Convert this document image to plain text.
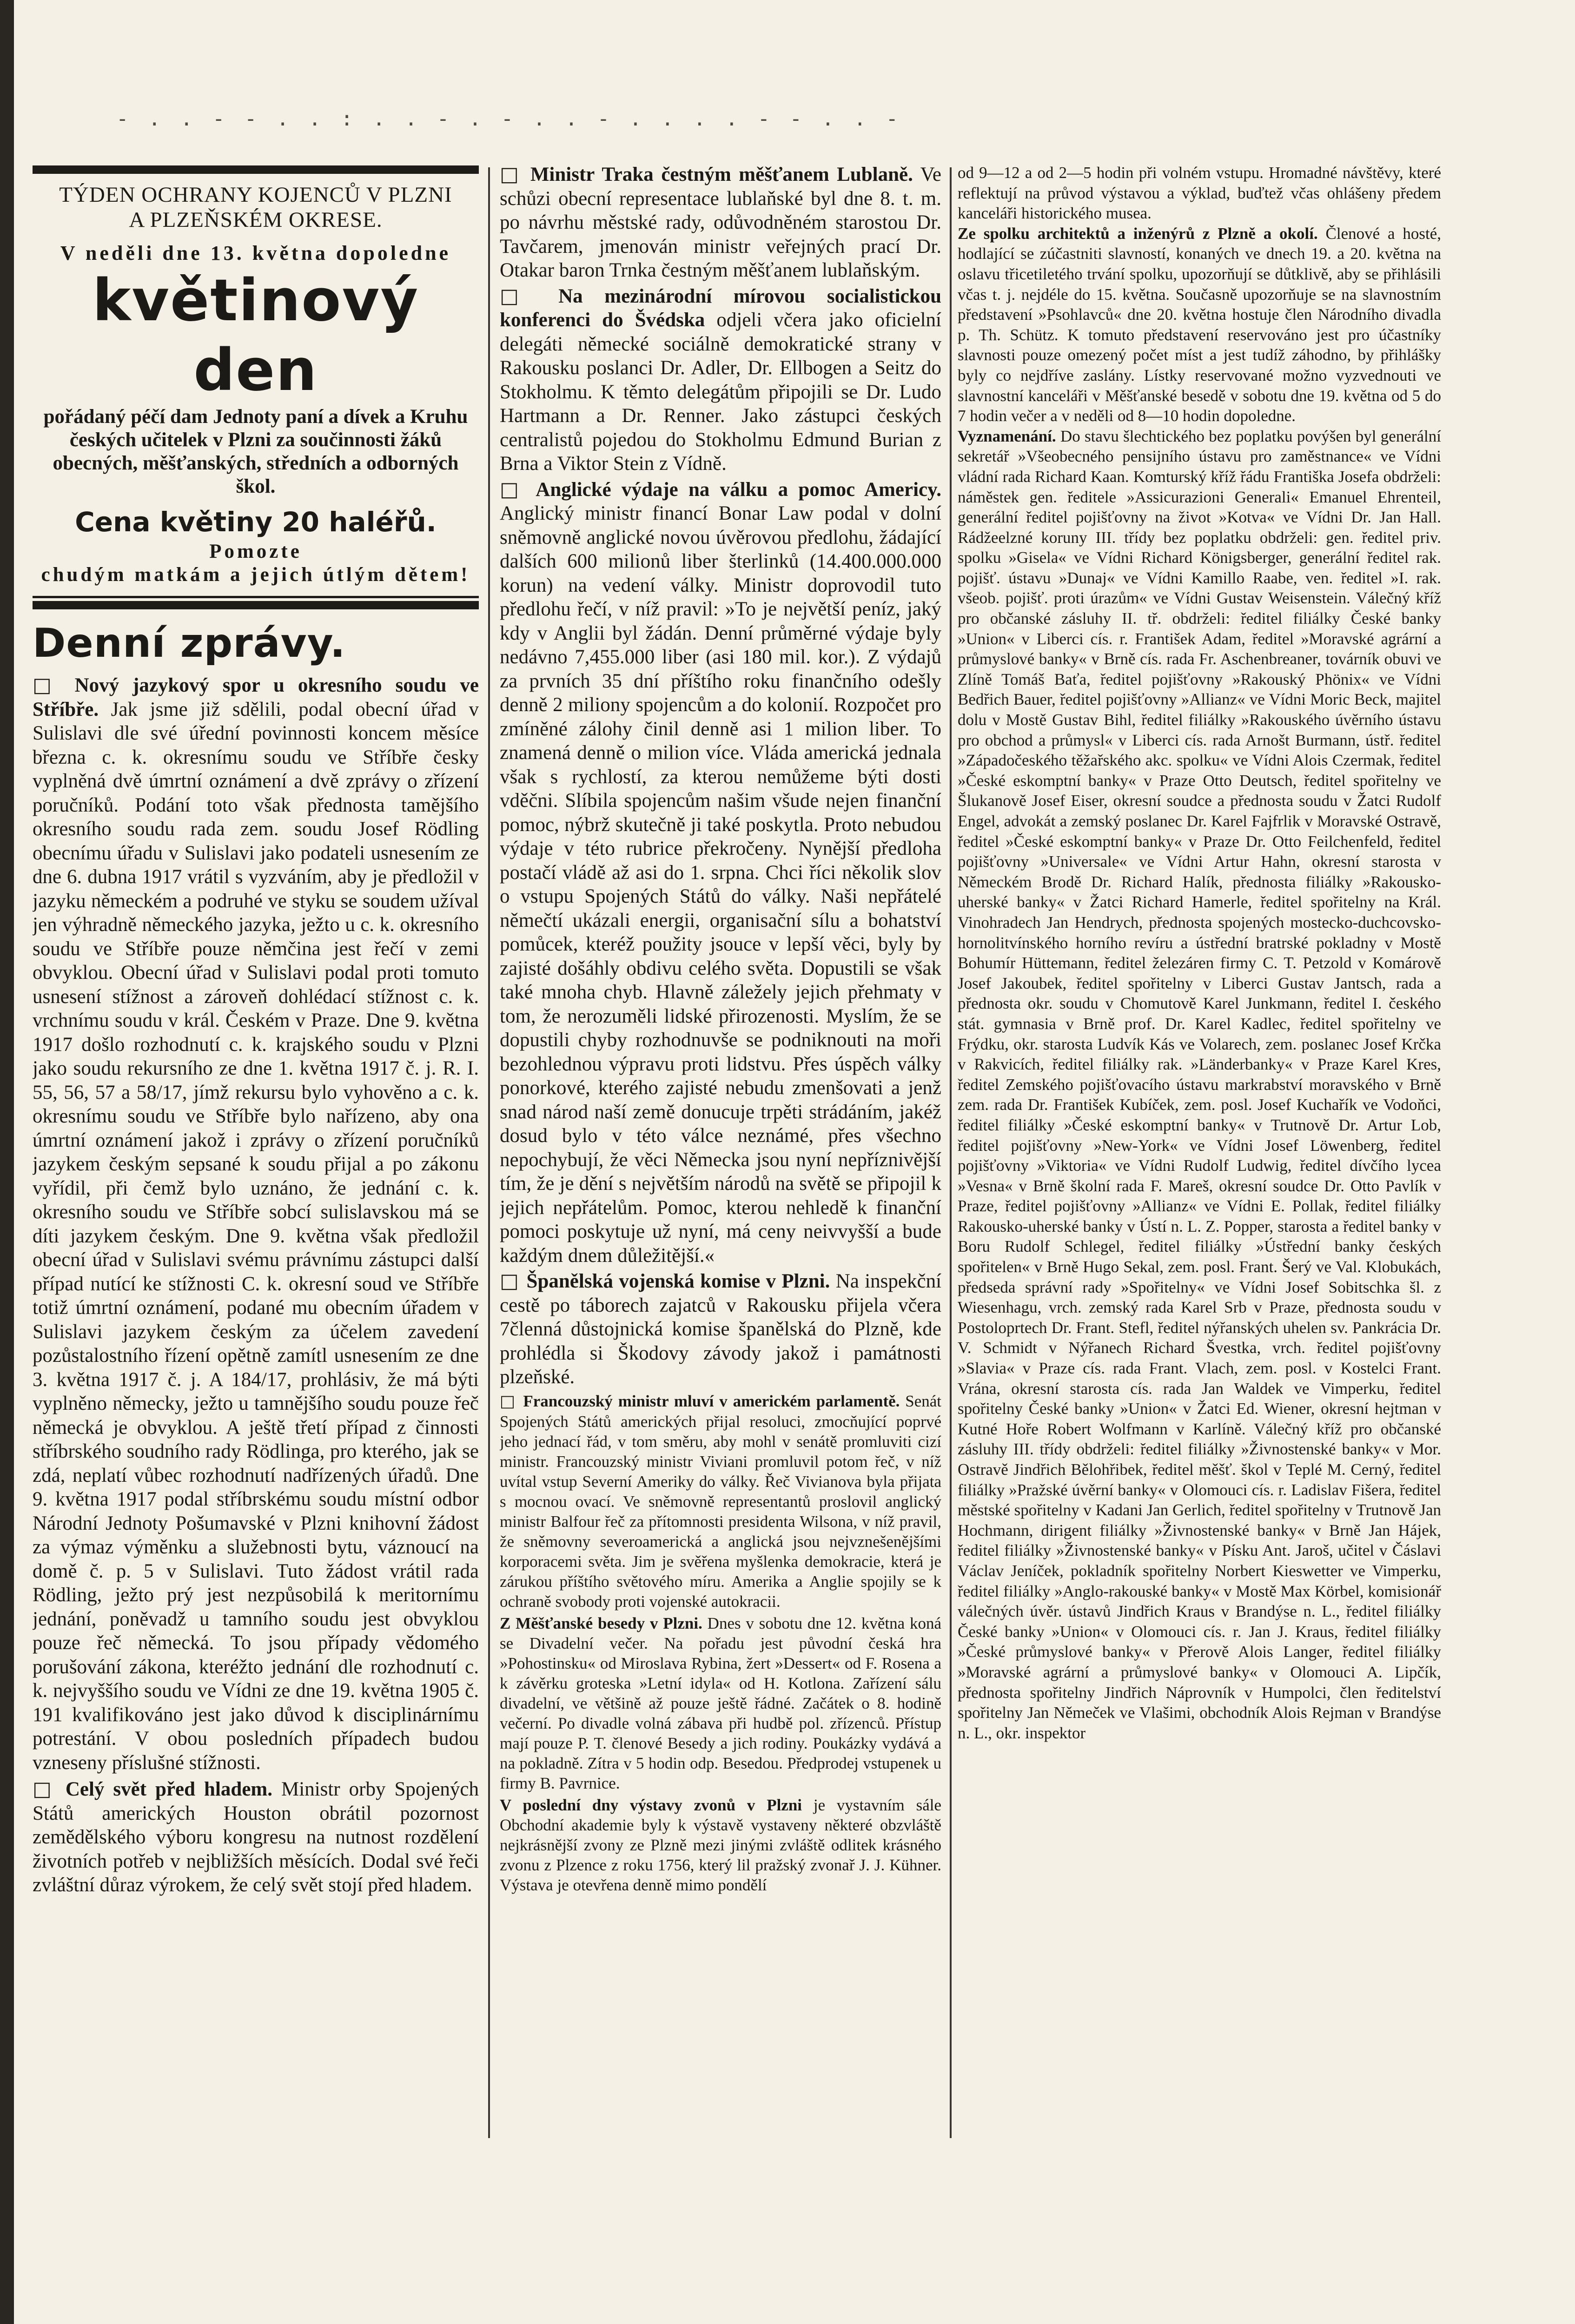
- . . - - . . : . . - . - . . - . . . . - - . . -
TÝDEN OCHRANY KOJENCŮ V PLZNI
A PLZEŇSKÉM OKRESE.
V neděli dne 13. května dopoledne
květinový den
pořádaný péčí dam Jednoty paní a dívek a Kruhu českých učitelek v Plzni za součinnosti žáků obecných, měšťanských, středních a odborných škol.
Cena květiny 20 haléřů.
Pomozte
chudým matkám a jejich útlým dětem!
Denní zprávy.

□ Nový jazykový spor u okresního soudu ve Stříbře. Jak jsme již sdělili, podal obecní úřad v Sulislavi dle své úřední povinnosti koncem měsíce března c. k. okresnímu soudu ve Stříbře česky vyplněná dvě úmrtní oznámení a dvě zprávy o zřízení poručníků. Podání toto však přednosta tamějšího okresního soudu rada zem. soudu Josef Rödling obecnímu úřadu v Sulislavi jako podateli usnesením ze dne 6. dubna 1917 vrátil s vyzváním, aby je předložil v jazyku německém a podruhé ve styku se soudem užíval jen výhradně německého jazyka, ježto u c. k. okresního soudu ve Stříbře pouze němčina jest řečí v zemi obvyklou. Obecní úřad v Sulislavi podal proti tomuto usnesení stížnost a zároveň dohlédací stížnost c. k. vrchnímu soudu v král. Českém v Praze. Dne 9. května 1917 došlo rozhodnutí c. k. krajského soudu v Plzni jako soudu rekursního ze dne 1. května 1917 č. j. R. I. 55, 56, 57 a 58/17, jímž rekursu bylo vyhověno a c. k. okresnímu soudu ve Stříbře bylo nařízeno, aby ona úmrtní oznámení jakož i zprávy o zřízení poručníků jazykem českým sepsané k soudu přijal a po zákonu vyřídil, při čemž bylo uznáno, že jednání c. k. okresního soudu ve Stříbře sobcí sulislavskou má se díti jazykem českým. Dne 9. května však předložil obecní úřad v Sulislavi svému právnímu zástupci další případ nutící ke stížnosti C. k. okresní soud ve Stříbře totiž úmrtní oznámení, podané mu obecním úřadem v Sulislavi jazykem českým za účelem zavedení pozůstalostního řízení opětně zamítl usnesením ze dne 3. května 1917 č. j. A 184/17, prohlásiv, že má býti vyplněno německy, ježto u tamnějšího soudu pouze řeč německá je obvyklou. A ještě třetí případ z činnosti stříbrského soudního rady Rödlinga, pro kterého, jak se zdá, neplatí vůbec rozhodnutí nadřízených úřadů. Dne 9. května 1917 podal stříbrskému soudu místní odbor Národní Jednoty Pošumavské v Plzni knihovní žádost za výmaz výměnku a služebnosti bytu, váznoucí na domě č. p. 5 v Sulislavi. Tuto žádost vrátil rada Rödling, ježto prý jest nezpůsobilá k meritornímu jednání, poněvadž u tamního soudu jest obvyklou pouze řeč německá. To jsou případy vědomého porušování zákona, kteréžto jednání dle rozhodnutí c. k. nejvyššího soudu ve Vídni ze dne 19. května 1905 č. 191 kvalifikováno jest jako důvod k disciplinárnímu potrestání. V obou posledních případech budou vzneseny příslušné stížnosti.

□ Celý svět před hladem. Ministr orby Spojených Států amerických Houston obrátil pozornost zemědělského výboru kongresu na nutnost rozdělení životních potřeb v nejbližších měsících. Dodal své řeči zvláštní důraz výrokem, že celý svět stojí před hladem.

□ Ministr Traka čestným měšťanem Lublaně. Ve schůzi obecní representace lublaňské byl dne 8. t. m. po návrhu městské rady, odůvodněném starostou Dr. Tavčarem, jmenován ministr veřejných prací Dr. Otakar baron Trnka čestným měšťanem lublaňským.

□ Na mezinárodní mírovou socialistickou konferenci do Švédska odjeli včera jako oficielní delegáti německé sociálně demokratické strany v Rakousku poslanci Dr. Adler, Dr. Ellbogen a Seitz do Stokholmu. K těmto delegátům připojili se Dr. Ludo Hartmann a Dr. Renner. Jako zástupci českých centralistů pojedou do Stokholmu Edmund Burian z Brna a Viktor Stein z Vídně.

□ Anglické výdaje na válku a pomoc Americy. Anglický ministr financí Bonar Law podal v dolní sněmovně anglické novou úvěrovou předlohu, žádající dalších 600 milionů liber šterlinků (14.400.000.000 korun) na vedení války. Ministr doprovodil tuto předlohu řečí, v níž pravil: »To je největší peníz, jaký kdy v Anglii byl žádán. Denní průměrné výdaje byly nedávno 7,455.000 liber (asi 180 mil. kor.). Z výdajů za prvních 35 dní příštího roku finančního odešly denně 2 miliony spojencům a do kolonií. Rozpočet pro zmíněné zálohy činil denně asi 1 milion liber. To znamená denně o milion více. Vláda americká jednala však s rychlostí, za kterou nemůžeme býti dosti vděčni. Slíbila spojencům našim všude nejen finanční pomoc, nýbrž skutečně ji také poskytla. Proto nebudou výdaje v této rubrice překročeny. Nynější předloha postačí vládě až asi do 1. srpna. Chci říci několik slov o vstupu Spojených Států do války. Naši nepřátelé němečtí ukázali energii, organisační sílu a bohatství pomůcek, kteréž použity jsouce v lepší věci, byly by zajisté došáhly obdivu celého světa. Dopustili se však také mnoha chyb. Hlavně záležely jejich přehmaty v tom, že nerozuměli lidské přirozenosti. Myslím, že se dopustili chyby rozhodnuvše se podniknouti na moři bezohlednou výpravu proti lidstvu. Přes úspěch války ponorkové, kterého zajisté nebudu zmenšovati a jenž snad národ naší země donucuje trpěti strádáním, jakéž dosud bylo v této válce neznámé, přes všechno nepochybují, že věci Německa jsou nyní nepříznivější tím, že je dění s největším národů na světě se připojil k jejich nepřátelům. Pomoc, kterou nehledě k finanční pomoci poskytuje už nyní, má ceny neivvyšší a bude každým dnem důležitější.«

□ Španělská vojenská komise v Plzni. Na inspekční cestě po táborech zajatců v Rakousku přijela včera 7členná důstojnická komise španělská do Plzně, kde prohlédla si Škodovy závody jakož i památnosti plzeňské.

□ Francouzský ministr mluví v americkém parlamentě. Senát Spojených Států amerických přijal resoluci, zmocňující poprvé jeho jednací řád, v tom směru, aby mohl v senátě promluviti cizí ministr. Francouzský ministr Viviani promluvil potom řeč, v níž uvítal vstup Severní Ameriky do války. Řeč Vivianova byla přijata s mocnou ovací. Ve sněmovně representantů proslovil anglický ministr Balfour řeč za přítomnosti presidenta Wilsona, v níž pravil, že sněmovny severoamerická a anglická jsou nejvznešenějšími korporacemi světa. Jim je svěřena myšlenka demokracie, která je zárukou příštího světového míru. Amerika a Anglie spojily se k ochraně svobody proti vojenské autokracii.

Z Měšťanské besedy v Plzni. Dnes v sobotu dne 12. května koná se Divadelní večer. Na pořadu jest původní česká hra »Pohostinsku« od Miroslava Rybina, žert »Dessert« od F. Rosena a k závěrku groteska »Letní idyla« od H. Kotlona. Zařízení sálu divadelní, ve většině až pouze ještě řádné. Začátek o 8. hodině večerní. Po divadle volná zábava při hudbě pol. zřízenců. Přístup mají pouze P. T. členové Besedy a jich rodiny. Poukázky vydává a na pokladně. Zítra v 5 hodin odp. Besedou. Předprodej vstupenek u firmy B. Pavrnice.

V poslední dny výstavy zvonů v Plzni je vystavním sále Obchodní akademie byly k výstavě vystaveny některé obzvláště nejkrásnější zvony ze Plzně mezi jinými zvláště odlitek krásného zvonu z Plzence z roku 1756, který lil pražský zvonař J. J. Kühner. Výstava je otevřena denně mimo pondělí

od 9—12 a od 2—5 hodin při volném vstupu. Hromadné návštěvy, které reflektují na průvod výstavou a výklad, buďtež včas ohlášeny předem kanceláři historického musea.

Ze spolku architektů a inženýrů z Plzně a okolí. Členové a hosté, hodlající se zúčastniti slavností, konaných ve dnech 19. a 20. května na oslavu třicetiletého trvání spolku, upozorňují se důtklivě, aby se přihlásili včas t. j. nejdéle do 15. května. Současně upozorňuje se na slavnostním představení »Psohlavců« dne 20. května hostuje člen Národního divadla p. Th. Schütz. K tomuto představení reservováno jest pro účastníky slavnosti pouze omezený počet míst a jest tudíž záhodno, by přihlášky byly co nejdříve zaslány. Lístky reservované možno vyzvednouti ve slavnostní kanceláři v Měšťanské besedě v sobotu dne 19. května od 5 do 7 hodin večer a v neděli od 8—10 hodin dopoledne.

Vyznamenání. Do stavu šlechtického bez poplatku povýšen byl generální sekretář »Všeobecného pensijního ústavu pro zaměstnance« ve Vídni vládní rada Richard Kaan. Komturský kříž řádu Františka Josefa obdrželi: náměstek gen. ředitele »Assicurazioni Generali« Emanuel Ehrenteil, generální ředitel pojišťovny na život »Kotva« ve Vídni Dr. Jan Hall. Rádžeelzné koruny III. třídy bez poplatku obdrželi: gen. ředitel priv. spolku »Gisela« ve Vídni Richard Königsberger, generální ředitel rak. pojišť. ústavu »Dunaj« ve Vídni Kamillo Raabe, ven. ředitel »I. rak. všeob. pojišť. proti úrazům« ve Vídni Gustav Weisenstein. Válečný kříž pro občanské zásluhy II. tř. obdrželi: ředitel filiálky České banky »Union« v Liberci cís. r. František Adam, ředitel »Moravské agrární a průmyslové banky« v Brně cís. rada Fr. Aschenbreaner, továrník obuvi ve Zlíně Tomáš Baťa, ředitel pojišťovny »Rakouský Phönix« ve Vídni Bedřich Bauer, ředitel pojišťovny »Allianz« ve Vídni Moric Beck, majitel dolu v Mostě Gustav Bihl, ředitel filiálky »Rakouského úvěrního ústavu pro obchod a průmysl« v Liberci cís. rada Arnošt Burmann, ústř. ředitel »Západočeského těžařského akc. spolku« ve Vídni Alois Czermak, ředitel »České eskomptní banky« v Praze Otto Deutsch, ředitel spořitelny ve Šlukanově Josef Eiser, okresní soudce a přednosta soudu v Žatci Rudolf Engel, advokát a zemský poslanec Dr. Karel Fajfrlik v Moravské Ostravě, ředitel »České eskomptní banky« v Praze Dr. Otto Feilchenfeld, ředitel pojišťovny »Universale« ve Vídni Artur Hahn, okresní starosta v Německém Brodě Dr. Richard Halík, přednosta filiálky »Rakousko-uherské banky« v Žatci Richard Hamerle, ředitel spořitelny na Král. Vinohradech Jan Hendrych, přednosta spojených mostecko-duchcovsko-hornolitvínského horního revíru a ústřední bratrské pokladny v Mostě Bohumír Hüttemann, ředitel železáren firmy C. T. Petzold v Komárově Josef Jakoubek, ředitel spořitelny v Liberci Gustav Jantsch, rada a přednosta okr. soudu v Chomutově Karel Junkmann, ředitel I. českého stát. gymnasia v Brně prof. Dr. Karel Kadlec, ředitel spořitelny ve Frýdku, okr. starosta Ludvík Kás ve Volarech, zem. poslanec Josef Krčka v Rakvicích, ředitel filiálky rak. »Länderbanky« v Praze Karel Kres, ředitel Zemského pojišťovacího ústavu markrabství moravského v Brně zem. rada Dr. František Kubíček, zem. posl. Josef Kuchařík ve Vodoňci, ředitel filiálky »České eskomptní banky« v Trutnově Dr. Artur Lob, ředitel pojišťovny »New-York« ve Vídni Josef Löwenberg, ředitel pojišťovny »Viktoria« ve Vídni Rudolf Ludwig, ředitel dívčího lycea »Vesna« v Brně školní rada F. Mareš, okresní soudce Dr. Otto Pavlík v Praze, ředitel pojišťovny »Allianz« ve Vídni E. Pollak, ředitel filiálky Rakousko-uherské banky v Ústí n. L. Z. Popper, starosta a ředitel banky v Boru Rudolf Schlegel, ředitel filiálky »Ústřední banky českých spořitelen« v Brně Hugo Sekal, zem. posl. Frant. Šerý ve Val. Klobukách, předseda správní rady »Spořitelny« ve Vídni Josef Sobitschka šl. z Wiesenhagu, vrch. zemský rada Karel Srb v Praze, přednosta soudu v Postoloprtech Dr. Frant. Stefl, ředitel nýřanských uhelen sv. Pankrácia Dr. V. Schmidt v Nýřanech Richard Švestka, vrch. ředitel pojišťovny »Slavia« v Praze cís. rada Frant. Vlach, zem. posl. v Kostelci Frant. Vrána, okresní starosta cís. rada Jan Waldek ve Vimperku, ředitel spořitelny České banky »Union« v Žatci Ed. Wiener, okresní hejtman v Kutné Hoře Robert Wolfmann v Karlíně. Válečný kříž pro občanské zásluhy III. třídy obdrželi: ředitel filiálky »Živnostenské banky« v Mor. Ostravě Jindřich Bělohřibek, ředitel měšť. škol v Teplé M. Cerný, ředitel filiálky »Pražské úvěrní banky« v Olomouci cís. r. Ladislav Fišera, ředitel městské spořitelny v Kadani Jan Gerlich, ředitel spořitelny v Trutnově Jan Hochmann, dirigent filiálky »Živnostenské banky« v Brně Jan Hájek, ředitel filiálky »Živnostenské banky« v Písku Ant. Jaroš, učitel v Čáslavi Václav Jeníček, pokladník spořitelny Norbert Kieswetter ve Vimperku, ředitel filiálky »Anglo-rakouské banky« v Mostě Max Körbel, komisionář válečných úvěr. ústavů Jindřich Kraus v Brandýse n. L., ředitel filiálky České banky »Union« v Olomouci cís. r. Jan J. Kraus, ředitel filiálky »České průmyslové banky« v Přerově Alois Langer, ředitel filiálky »Moravské agrární a průmyslové banky« v Olomouci A. Lipčík, přednosta spořitelny Jindřich Náprovník v Humpolci, člen ředitelství spořitelny Jan Němeček ve Vlašimi, obchodník Alois Rejman v Brandýse n. L., okr. inspektor
